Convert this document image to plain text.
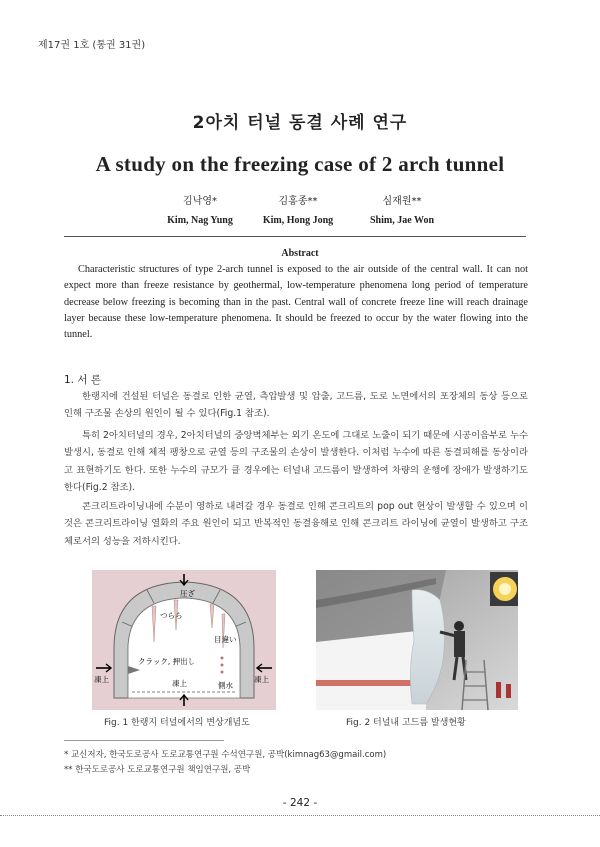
제17권 1호 (통권 31권)
2아치 터널 동결 사례 연구
A study on the freezing case of 2 arch tunnel
김낙영*
Kim, Nag Yung
김홍종**
Kim, Hong Jong
심재원**
Shim, Jae Won
Abstract
Characteristic structures of type 2-arch tunnel is exposed to the air outside of the central wall. It can not expect more than freeze resistance by geothermal, low-temperature phenomena long period of temperature decrease below freezing is becoming than in the past. Central wall of concrete freeze line will reach drainage layer because these low-temperature phenomena. It should be freezed to occur by the water flowing into the tunnel.
1. 서 론
한랭지에 건설된 터널은 동결로 인한 균열, 측압발생 및 압출, 고드름, 도로 노면에서의 포장체의 동상 등으로 인해 구조물 손상의 원인이 될 수 있다(Fig.1 참조).
특히 2아치터널의 경우, 2아치터널의 중앙벽체부는 외기 온도에 그대로 노출이 되기 때문에 시공이음부로 누수 발생시, 동결로 인해 체적 팽창으로 균열 등의 구조물의 손상이 발생한다. 이처럼 누수에 따른 동결피해를 동상이라고 표현하기도 한다. 또한 누수의 규모가 클 경우에는 터널내 고드름이 발생하여 차량의 운행에 장애가 발생하기도 한다(Fig.2 참조).
콘크리트라이닝내에 수분이 영하로 내려갈 경우 동결로 인해 콘크리트의 pop out 현상이 발생할 수 있으며 이것은 콘크리트라이닝 열화의 주요 원인이 되고 반복적인 동결융해로 인해 콘크리트 라이닝에 균열이 발생하고 구조체로서의 성능을 저하시킨다.
圧ざ
つらら
目違い
クラック, 押出し
側水
凍上
凍上	凍上
Fig. 1 한랭지 터널에서의 변상개념도	Fig. 2 터널내 고드름 발생현황
* 교신저자, 한국도로공사 도로교통연구원 수석연구원, 공박(kimnag63@gmail.com)
** 한국도로공사 도로교통연구원 책임연구원, 공박
- 242 -
